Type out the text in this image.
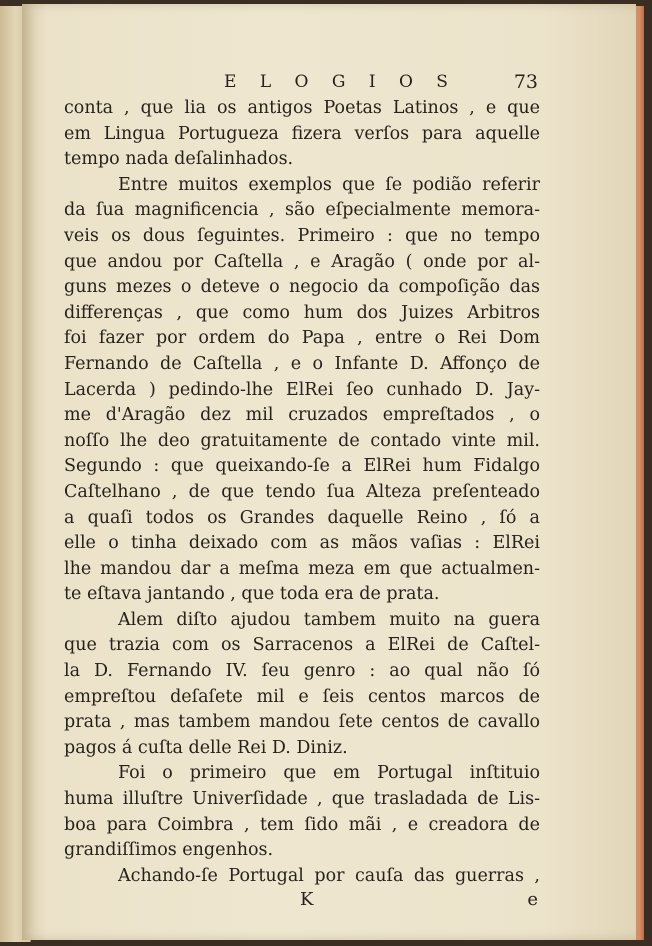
E L O G I O S	73
conta , que lia os antigos Poetas Latinos , e que
em Lingua Portugueza fizera verſos para aquelle
tempo nada deſalinhados.
Entre muitos exemplos que ſe podião referir
da ſua magnificencia , são eſpecialmente memora-
veis os dous ſeguintes. Primeiro : que no tempo
que andou por Caſtella , e Aragão ( onde por al-
guns mezes o deteve o negocio da compoſição das
differenças , que como hum dos Juizes Arbitros
foi fazer por ordem do Papa , entre o Rei Dom
Fernando de Caſtella , e o Infante D. Affonço de
Lacerda ) pedindo-lhe ElRei ſeo cunhado D. Jay-
me d'Aragão dez mil cruzados empreſtados , o
noſſo lhe deo gratuitamente de contado vinte mil.
Segundo : que queixando-ſe a ElRei hum Fidalgo
Caſtelhano , de que tendo ſua Alteza preſenteado
a quaſi todos os Grandes daquelle Reino , ſó a
elle o tinha deixado com as mãos vaſias : ElRei
lhe mandou dar a meſma meza em que actualmen-
te eſtava jantando , que toda era de prata.
Alem diſto ajudou tambem muito na guera
que trazia com os Sarracenos a ElRei de Caſtel-
la D. Fernando IV. ſeu genro : ao qual não ſó
empreſtou deſaſete mil e ſeis centos marcos de
prata , mas tambem mandou ſete centos de cavallo
pagos á cuſta delle Rei D. Diniz.
Foi o primeiro que em Portugal inſtituio
huma illuſtre Univerſidade , que trasladada de Lis-
boa para Coimbra , tem ſido mãi , e creadora de
grandiſſimos engenhos.
Achando-ſe Portugal por cauſa das guerras ,
K	e
